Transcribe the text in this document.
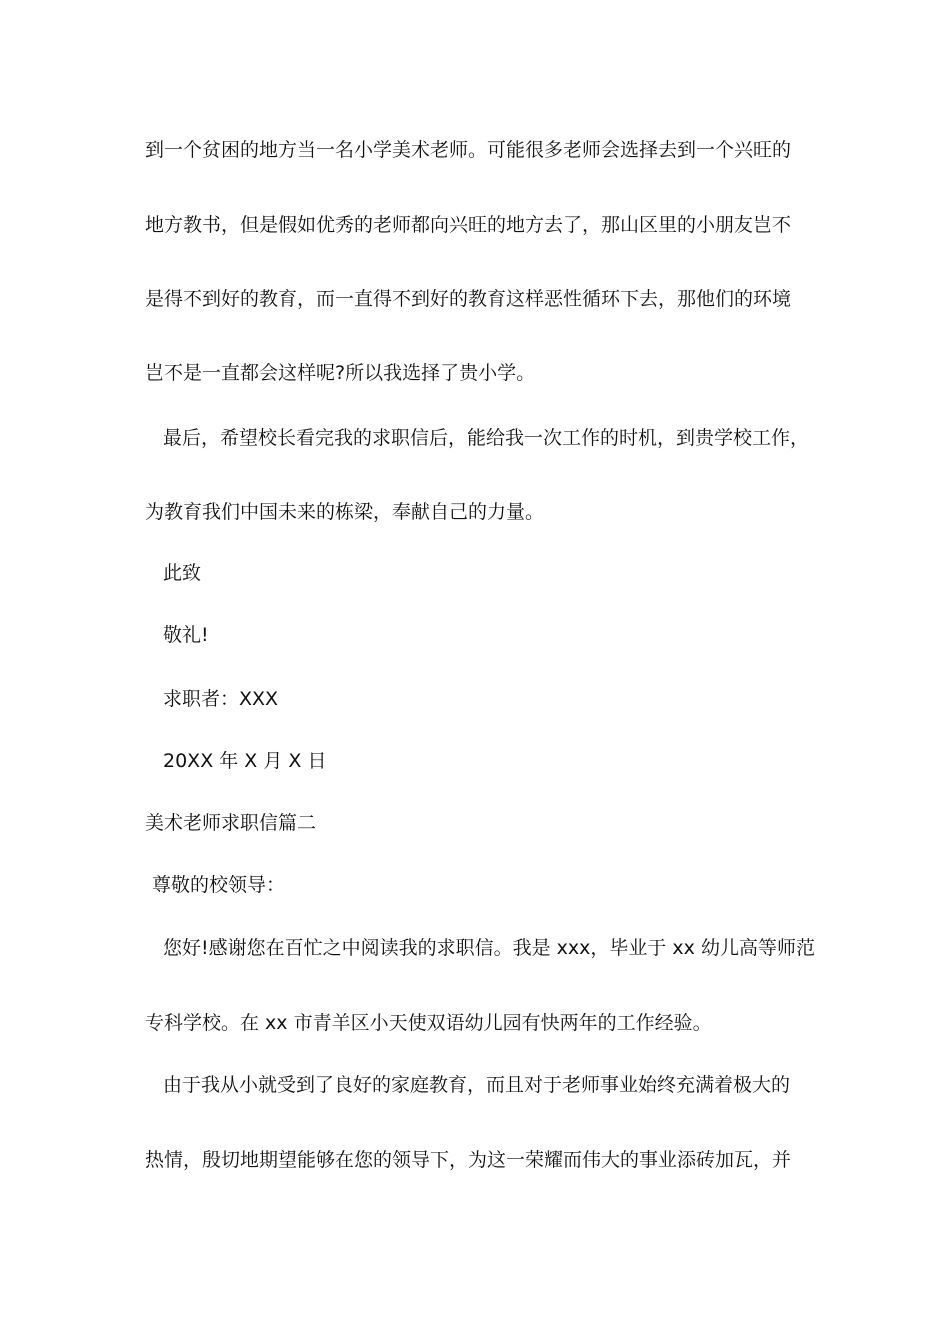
到一个贫困的地方当一名小学美术老师。可能很多老师会选择去到一个兴旺的
地方教书，但是假如优秀的老师都向兴旺的地方去了，那山区里的小朋友岂不
是得不到好的教育，而一直得不到好的教育这样恶性循环下去，那他们的环境
岂不是一直都会这样呢?所以我选择了贵小学。
最后，希望校长看完我的求职信后，能给我一次工作的时机，到贵学校工作，
为教育我们中国未来的栋梁，奉献自己的力量。
此致
敬礼!
求职者：XXX
20XX 年 X 月 X 日
美术老师求职信篇二
尊敬的校领导：
您好!感谢您在百忙之中阅读我的求职信。我是 xxx，毕业于 xx 幼儿高等师范
专科学校。在 xx 市青羊区小天使双语幼儿园有快两年的工作经验。
由于我从小就受到了良好的家庭教育，而且对于老师事业始终充满着极大的
热情，殷切地期望能够在您的领导下，为这一荣耀而伟大的事业添砖加瓦，并
